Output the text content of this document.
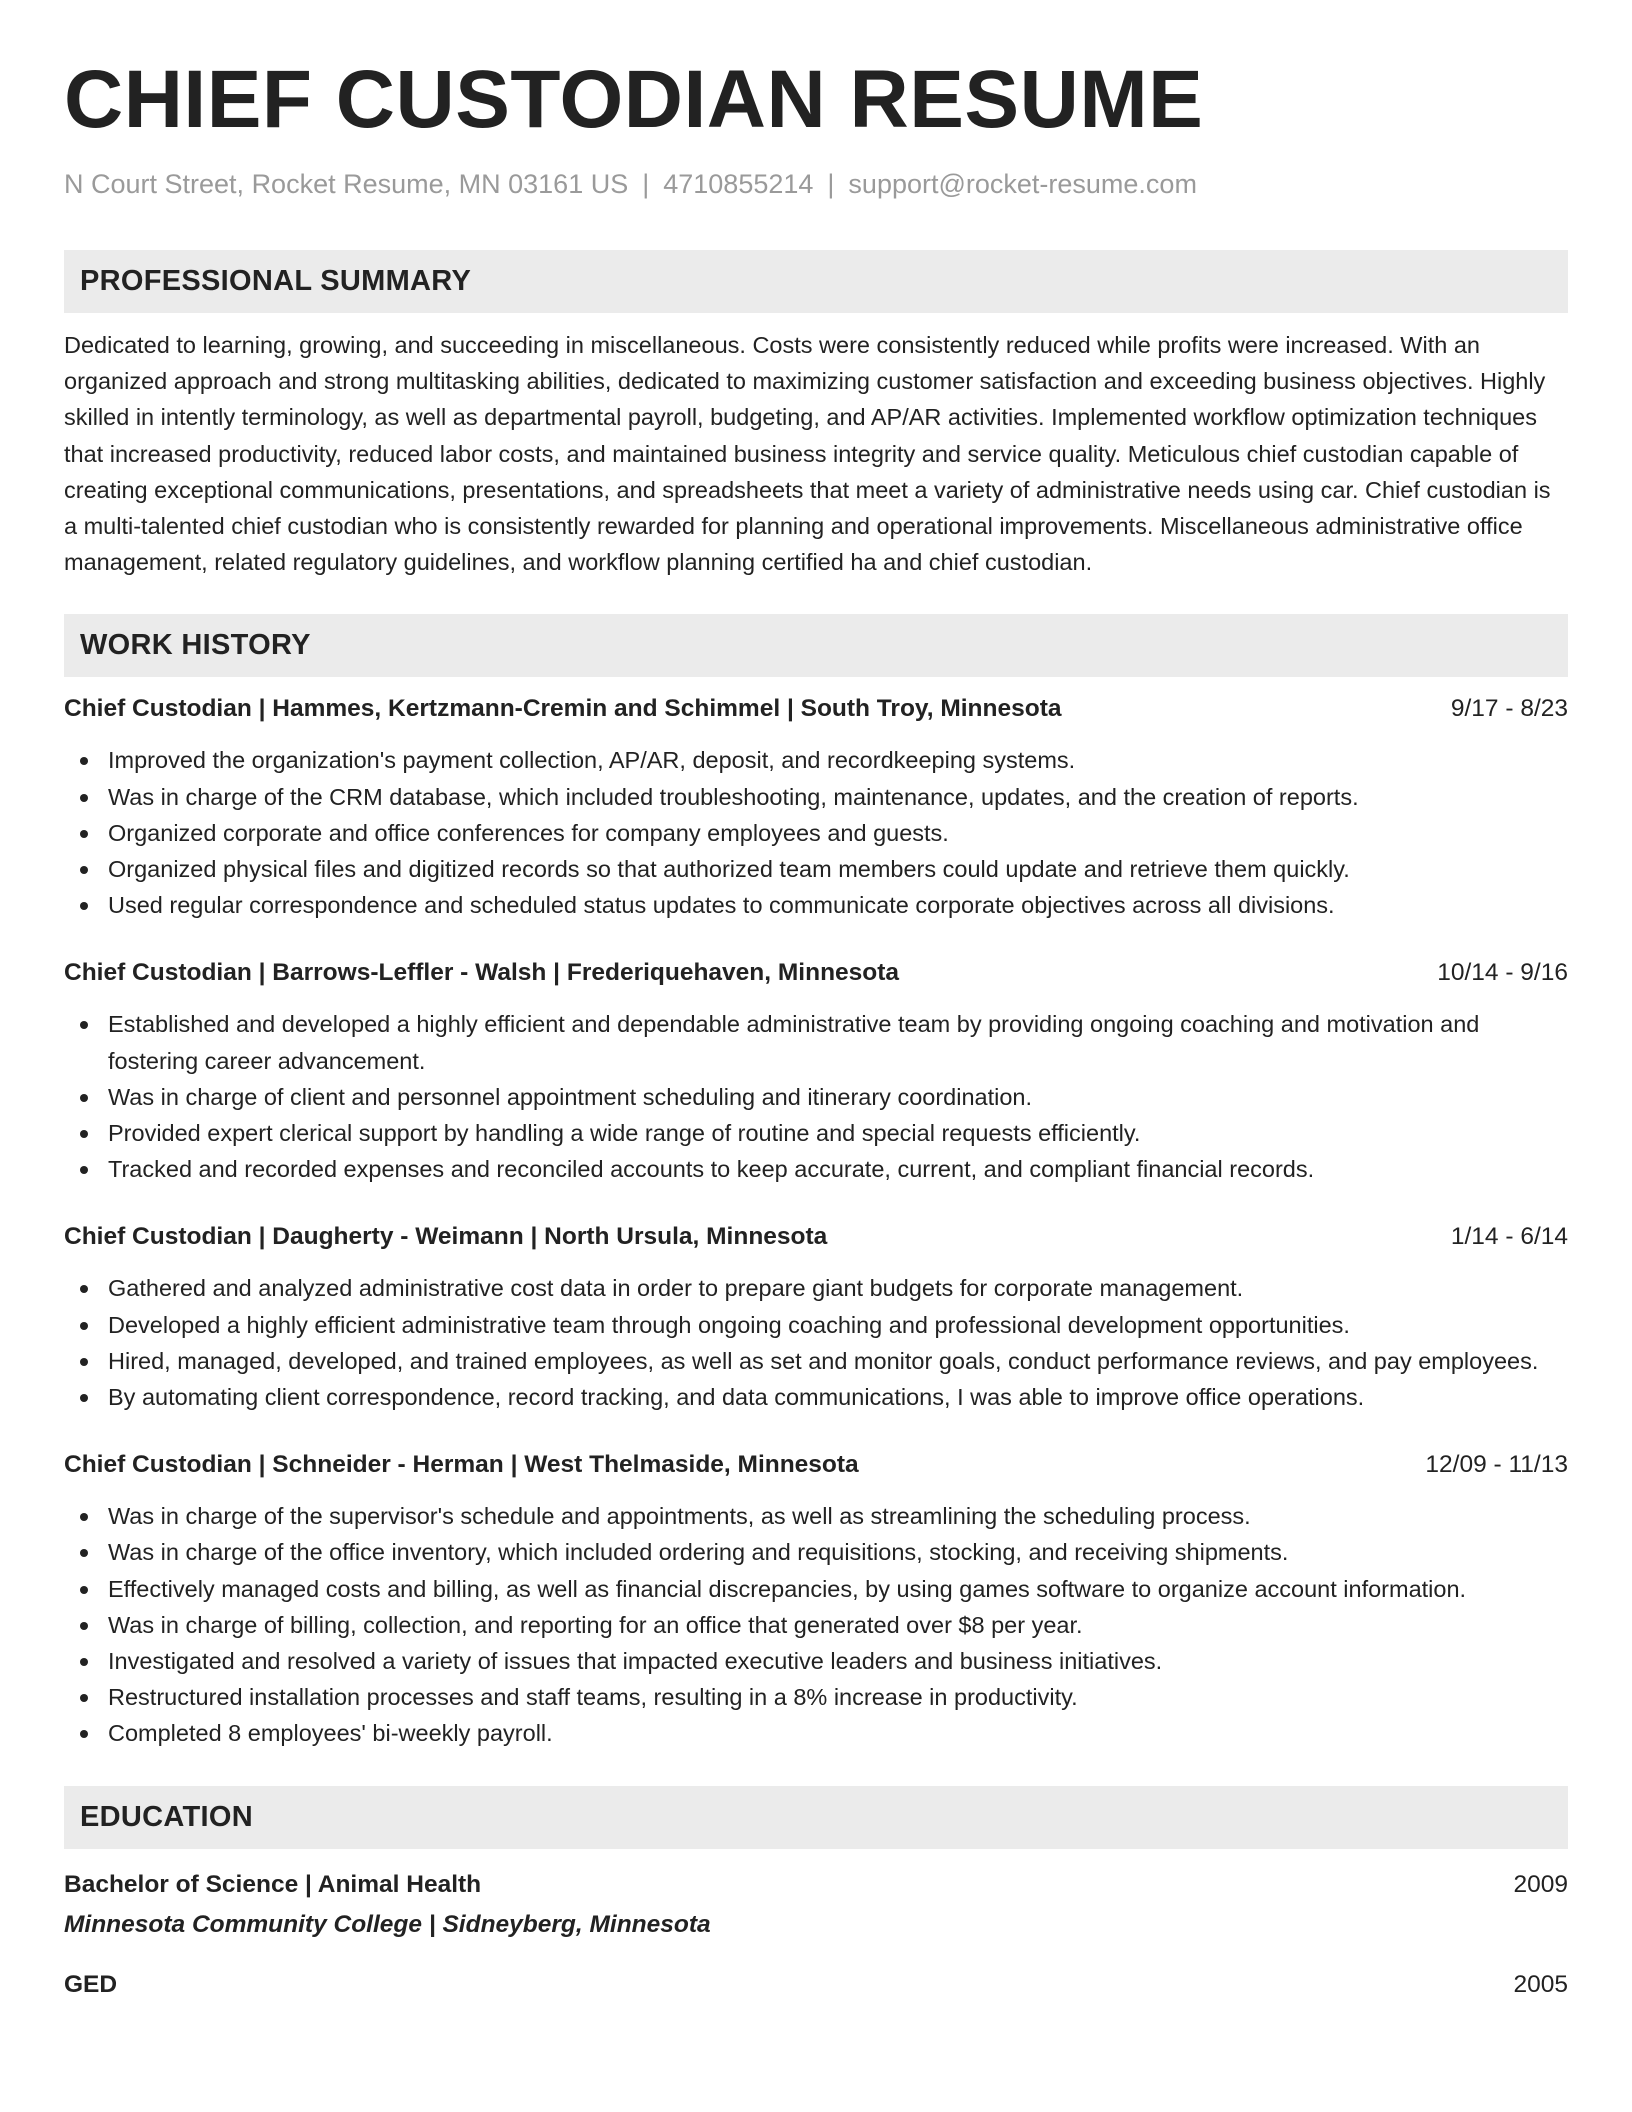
CHIEF CUSTODIAN RESUME
N Court Street, Rocket Resume, MN 03161 US | 4710855214 | support@rocket-resume.com
PROFESSIONAL SUMMARY

Dedicated to learning, growing, and succeeding in miscellaneous. Costs were consistently reduced while profits were increased. With an organized approach and strong multitasking abilities, dedicated to maximizing customer satisfaction and exceeding business objectives. Highly skilled in intently terminology, as well as departmental payroll, budgeting, and AP/AR activities. Implemented workflow optimization techniques that increased productivity, reduced labor costs, and maintained business integrity and service quality. Meticulous chief custodian capable of creating exceptional communications, presentations, and spreadsheets that meet a variety of administrative needs using car. Chief custodian is a multi-talented chief custodian who is consistently rewarded for planning and operational improvements. Miscellaneous administrative office management, related regulatory guidelines, and workflow planning certified ha and chief custodian.

WORK HISTORY
Chief Custodian | Hammes, Kertzmann-Cremin and Schimmel | South Troy, Minnesota	9/17 - 8/23
Improved the organization's payment collection, AP/AR, deposit, and recordkeeping systems.
Was in charge of the CRM database, which included troubleshooting, maintenance, updates, and the creation of reports.
Organized corporate and office conferences for company employees and guests.
Organized physical files and digitized records so that authorized team members could update and retrieve them quickly.
Used regular correspondence and scheduled status updates to communicate corporate objectives across all divisions.
Chief Custodian | Barrows-Leffler - Walsh | Frederiquehaven, Minnesota	10/14 - 9/16
Established and developed a highly efficient and dependable administrative team by providing ongoing coaching and motivation and fostering career advancement.
Was in charge of client and personnel appointment scheduling and itinerary coordination.
Provided expert clerical support by handling a wide range of routine and special requests efficiently.
Tracked and recorded expenses and reconciled accounts to keep accurate, current, and compliant financial records.
Chief Custodian | Daugherty - Weimann | North Ursula, Minnesota	1/14 - 6/14
Gathered and analyzed administrative cost data in order to prepare giant budgets for corporate management.
Developed a highly efficient administrative team through ongoing coaching and professional development opportunities.
Hired, managed, developed, and trained employees, as well as set and monitor goals, conduct performance reviews, and pay employees.
By automating client correspondence, record tracking, and data communications, I was able to improve office operations.
Chief Custodian | Schneider - Herman | West Thelmaside, Minnesota	12/09 - 11/13
Was in charge of the supervisor's schedule and appointments, as well as streamlining the scheduling process.
Was in charge of the office inventory, which included ordering and requisitions, stocking, and receiving shipments.
Effectively managed costs and billing, as well as financial discrepancies, by using games software to organize account information.
Was in charge of billing, collection, and reporting for an office that generated over $8 per year.
Investigated and resolved a variety of issues that impacted executive leaders and business initiatives.
Restructured installation processes and staff teams, resulting in a 8% increase in productivity.
Completed 8 employees' bi-weekly payroll.
EDUCATION
Bachelor of Science | Animal Health	2009
Minnesota Community College | Sidneyberg, Minnesota
GED	2005
